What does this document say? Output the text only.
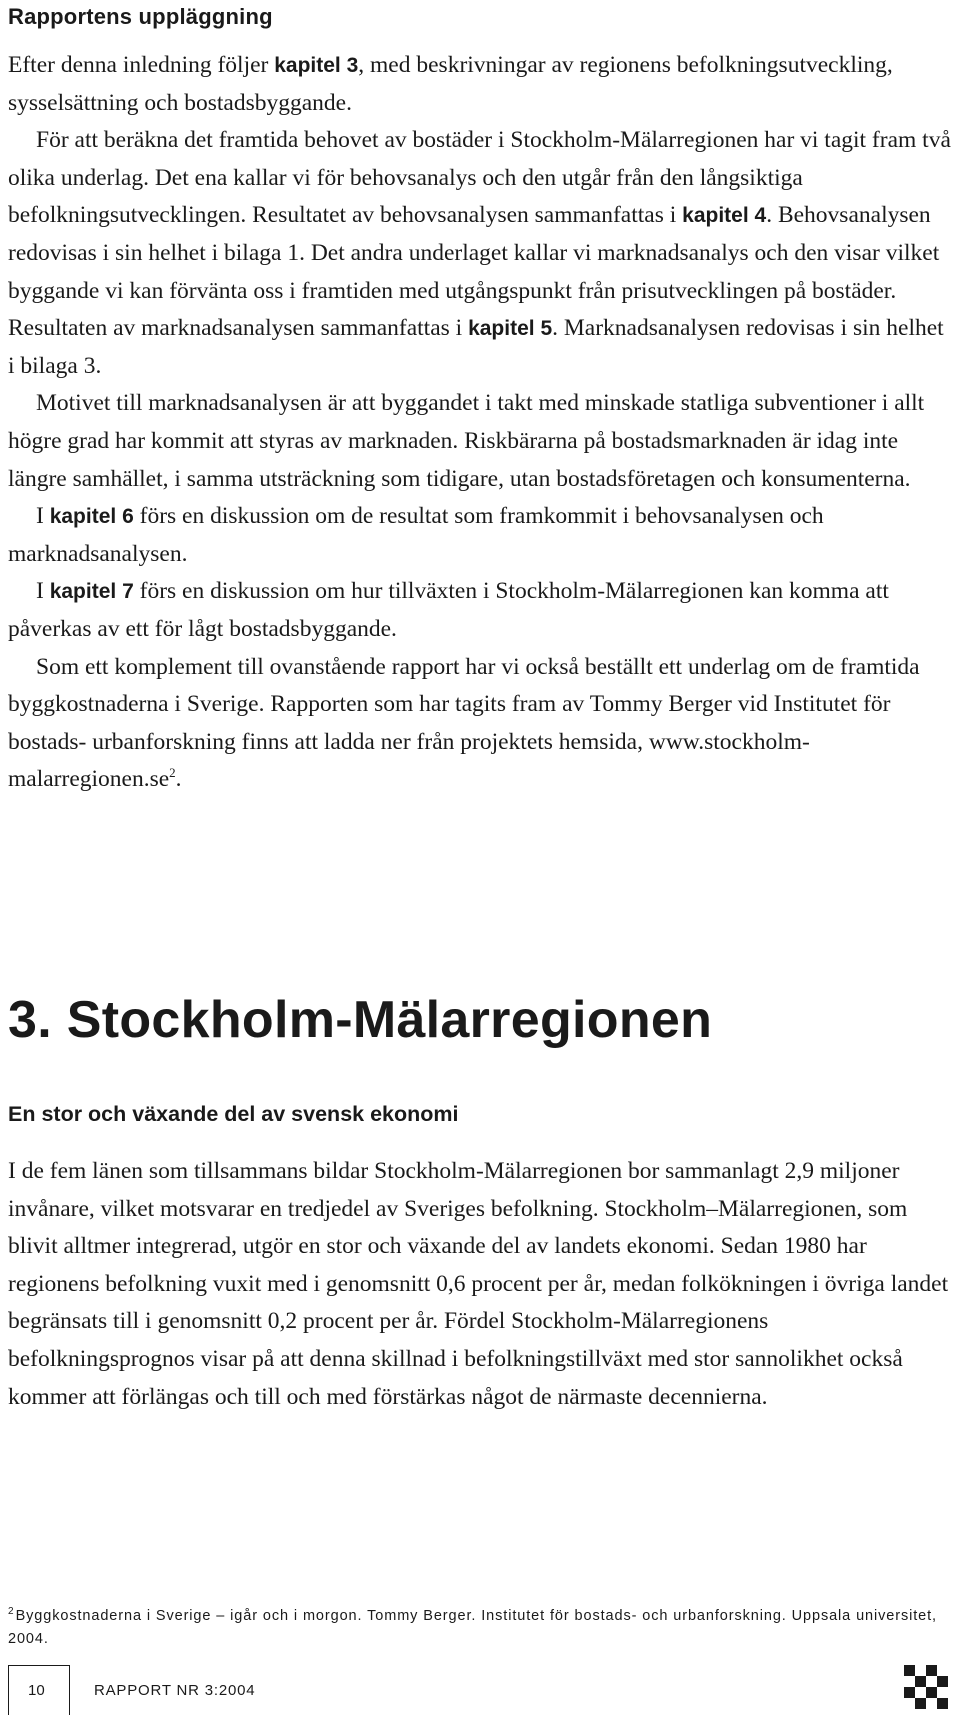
Rapportens uppläggning

Efter denna inledning följer kapitel 3, med beskrivningar av regionens befolkningsutveckling, sysselsättning och bostadsbyggande.

För att beräkna det framtida behovet av bostäder i Stockholm-Mälarregionen har vi tagit fram två olika underlag. Det ena kallar vi för behovsanalys och den utgår från den långsiktiga befolkningsutvecklingen. Resultatet av behovsanalysen sammanfattas i kapitel 4. Behovsanalysen redovisas i sin helhet i bilaga 1. Det andra underlaget kallar vi marknadsanalys och den visar vilket byggande vi kan förvänta oss i framtiden med utgångspunkt från prisutvecklingen på bostäder. Resultaten av marknadsanalysen sammanfattas i kapitel 5. Marknadsanalysen redovisas i sin helhet i bilaga 3.

Motivet till marknadsanalysen är att byggandet i takt med minskade statliga subventioner i allt högre grad har kommit att styras av marknaden. Riskbärarna på bostadsmarknaden är idag inte längre samhället, i samma utsträckning som tidigare, utan bostadsföretagen och konsumenterna.

I kapitel 6 förs en diskussion om de resultat som framkommit i behovsanalysen och marknadsanalysen.

I kapitel 7 förs en diskussion om hur tillväxten i Stockholm-Mälarregionen kan komma att påverkas av ett för lågt bostadsbyggande.

Som ett komplement till ovanstående rapport har vi också beställt ett underlag om de framtida byggkostnaderna i Sverige. Rapporten som har tagits fram av Tommy Berger vid Institutet för bostads- urbanforskning finns att ladda ner från projektets hemsida, $www.stockholm-malarregionen.se^2$.

3. Stockholm-Mälarregionen
En stor och växande del av svensk ekonomi

I de fem länen som tillsammans bildar Stockholm-Mälarregionen bor sammanlagt 2,9 miljoner invånare, vilket motsvarar en tredjedel av Sveriges befolkning. Stockholm–Mälarregionen, som blivit alltmer integrerad, utgör en stor och växande del av landets ekonomi. Sedan 1980 har regionens befolkning vuxit med i genomsnitt 0,6 procent per år, medan folkökningen i övriga landet begränsats till i genomsnitt 0,2 procent per år. Fördel Stockholm-Mälarregionens befolkningsprognos visar på att denna skillnad i befolkningstillväxt med stor sannolikhet också kommer att förlängas och till och med förstärkas något de närmaste decennierna.

$^2$ Byggkostnaderna i Sverige – igår och i morgon. Tommy Berger. Institutet för bostads- och urbanforskning. Uppsala universitet, 2004.
10	RAPPORT NR 3:2004
